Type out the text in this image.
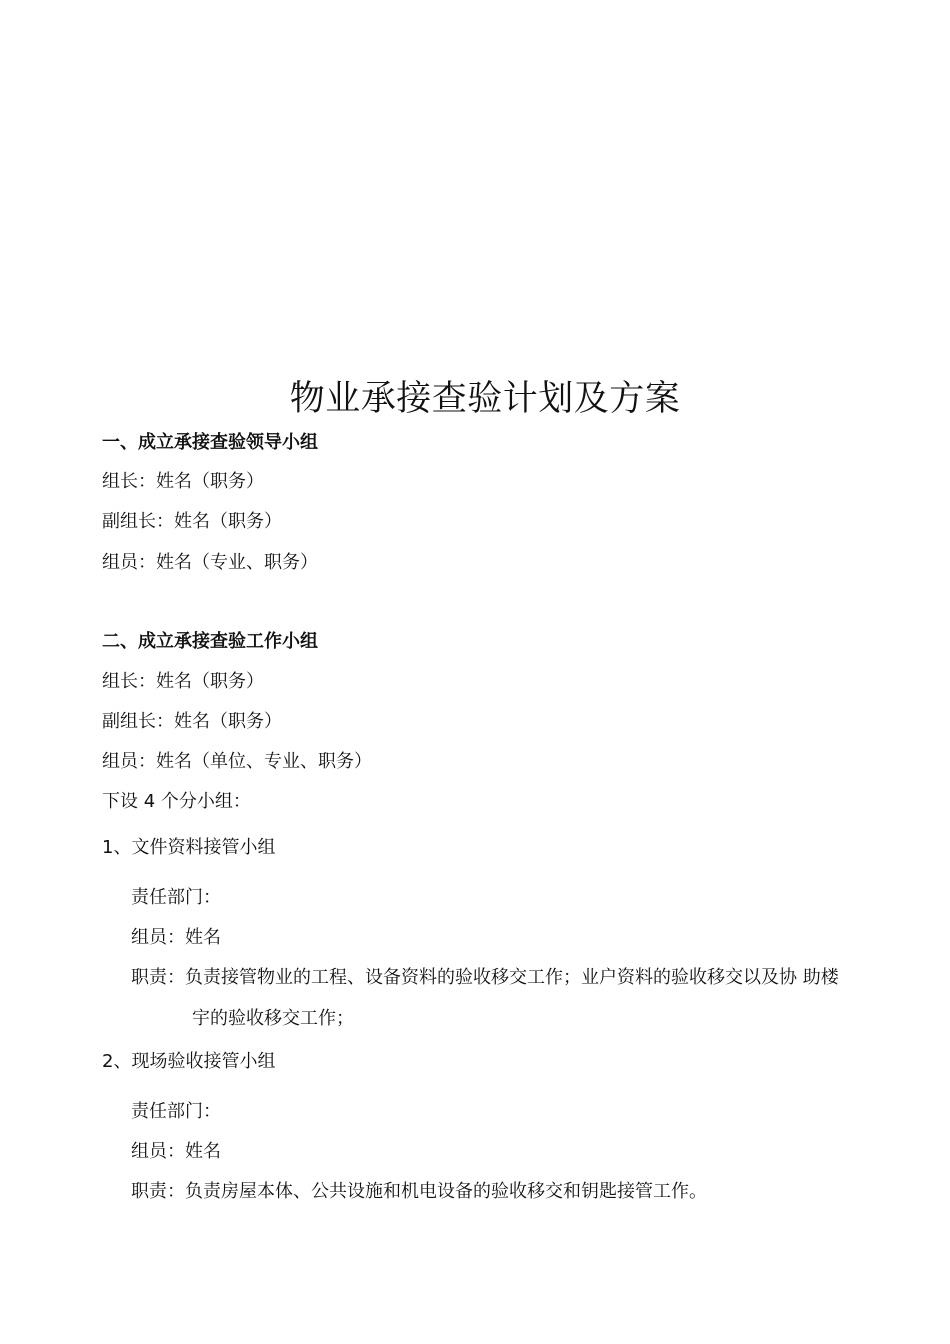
物业承接查验计划及方案
一、成立承接查验领导小组
组长：姓名（职务）
副组长：姓名（职务）
组员：姓名（专业、职务）
二、成立承接查验工作小组
组长：姓名（职务）
副组长：姓名（职务）
组员：姓名（单位、专业、职务）
下设 4 个分小组：
1、文件资料接管小组
责任部门：
组员：姓名
职责：负责接管物业的工程、设备资料的验收移交工作；业户资料的验收移交以及协 助楼
宇的验收移交工作；
2、现场验收接管小组
责任部门：
组员：姓名
职责：负责房屋本体、公共设施和机电设备的验收移交和钥匙接管工作。
